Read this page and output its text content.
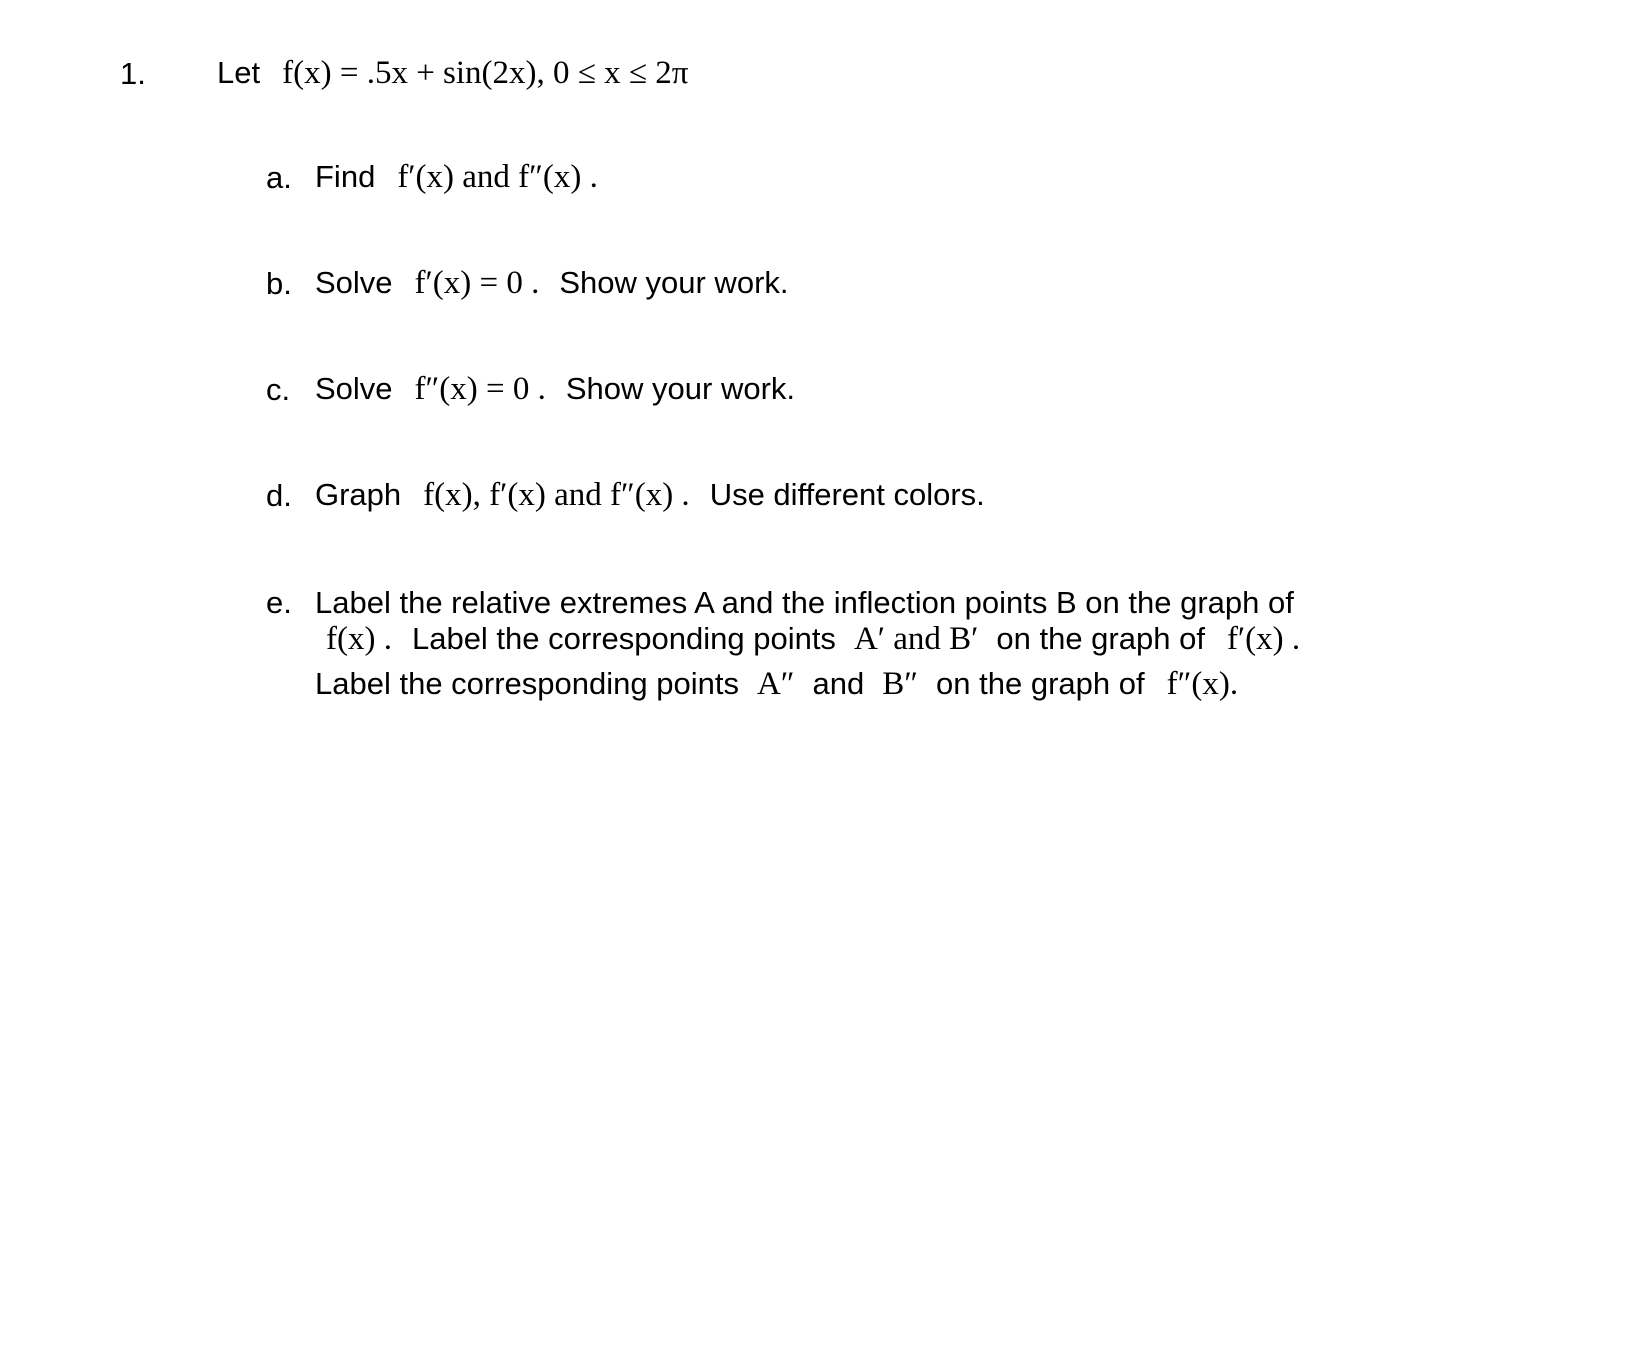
1. Let f(x) = .5x + sin(2x), 0 ≤ x ≤ 2π
a. Find f′(x) and f″(x) .
b. Solve f′(x) = 0 . Show your work.
c. Solve f″(x) = 0 . Show your work.
d. Graph f(x), f′(x) and f″(x) . Use different colors.
e. Label the relative extremes A and the inflection points B on the graph of
f(x) . Label the corresponding points A′ and B′ on the graph of f′(x) .
Label the corresponding points A″ and B″ on the graph of f″(x).
